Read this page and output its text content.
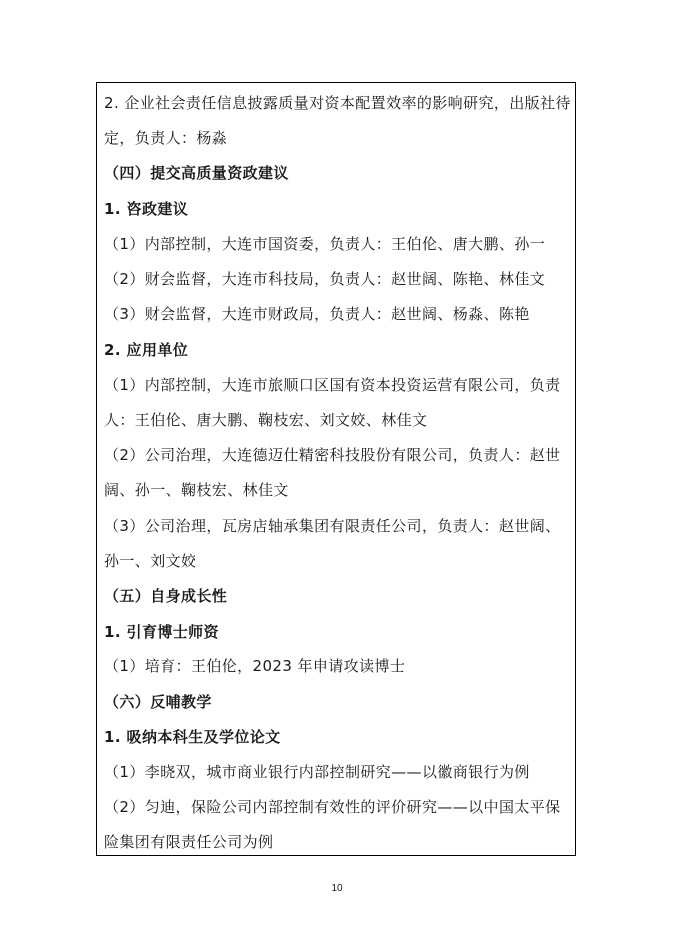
2. 企业社会责任信息披露质量对资本配置效率的影响研究，出版社待
定，负责人：杨淼
（四）提交高质量资政建议
1. 咨政建议
（1）内部控制，大连市国资委，负责人：王伯伦、唐大鹏、孙一
（2）财会监督，大连市科技局，负责人：赵世阔、陈艳、林佳文
（3）财会监督，大连市财政局，负责人：赵世阔、杨淼、陈艳
2. 应用单位
（1）内部控制，大连市旅顺口区国有资本投资运营有限公司，负责
人：王伯伦、唐大鹏、鞠枝宏、刘文姣、林佳文
（2）公司治理，大连德迈仕精密科技股份有限公司，负责人：赵世
阔、孙一、鞠枝宏、林佳文
（3）公司治理，瓦房店轴承集团有限责任公司，负责人：赵世阔、
孙一、刘文姣
（五）自身成长性
1. 引育博士师资
（1）培育：王伯伦，2023 年申请攻读博士
（六）反哺教学
1. 吸纳本科生及学位论文
（1）李晓双，城市商业银行内部控制研究——以徽商银行为例
（2）匀迪，保险公司内部控制有效性的评价研究——以中国太平保
险集团有限责任公司为例
10
